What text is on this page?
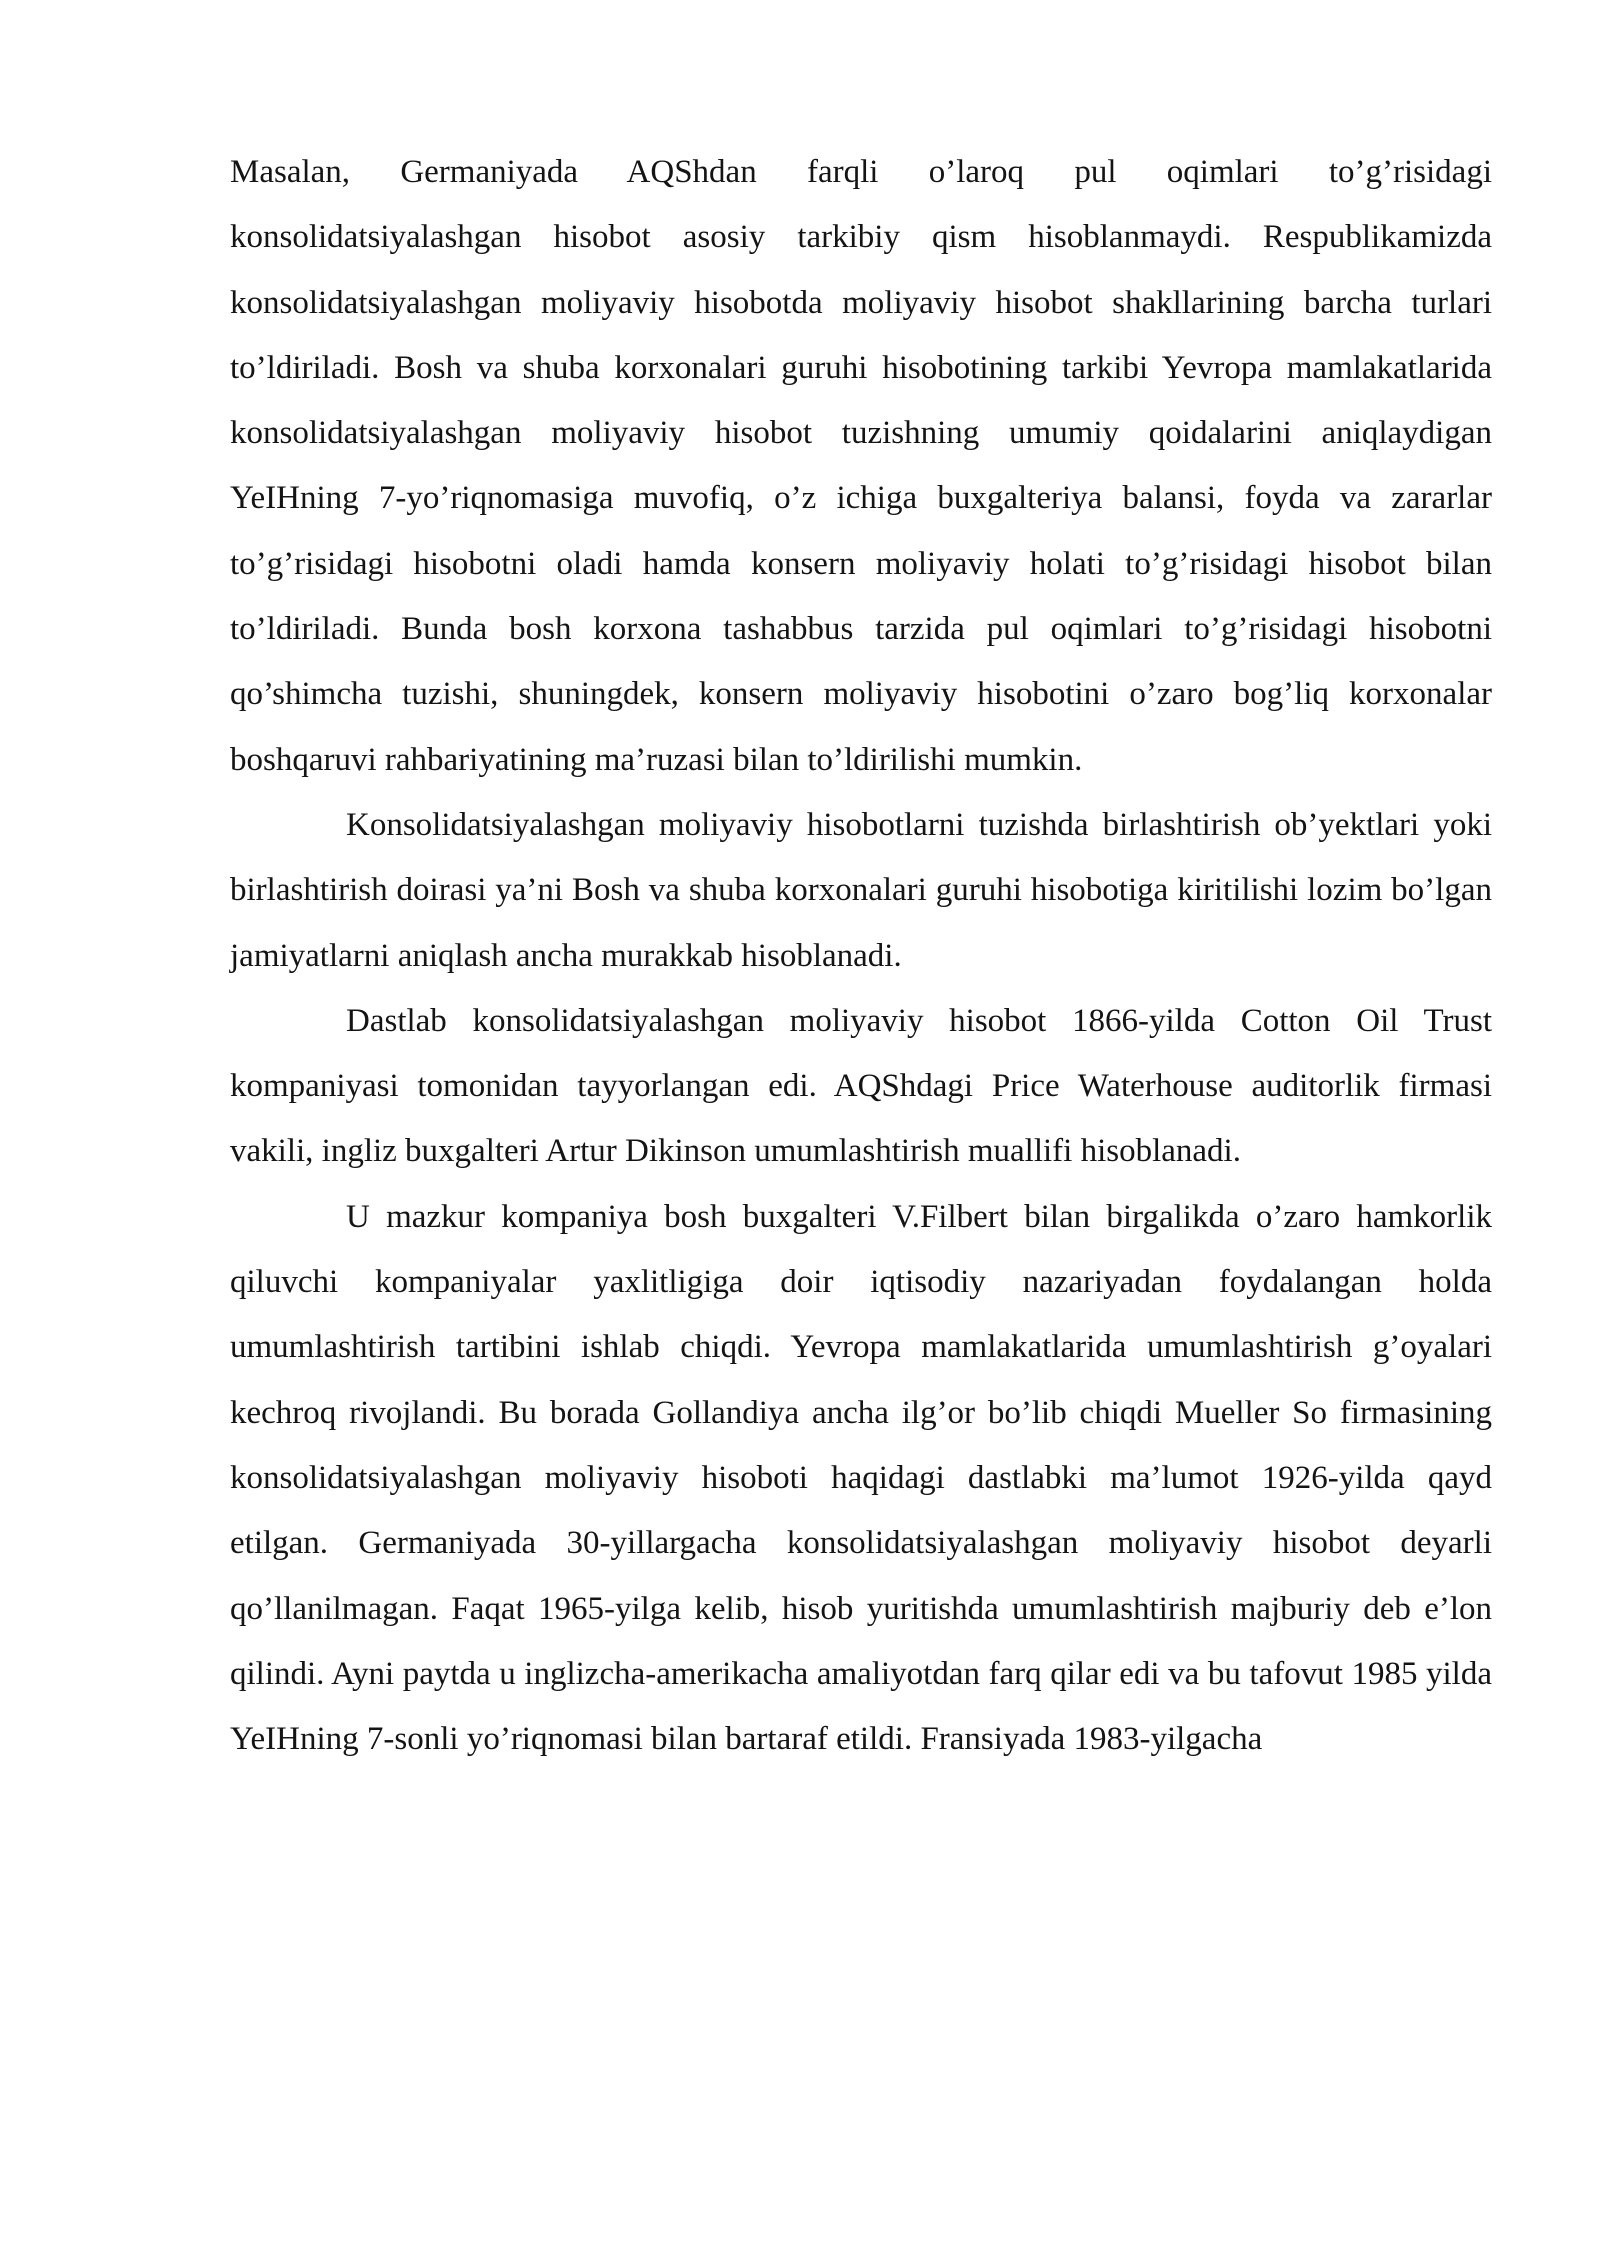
Masalan, Germaniyada AQShdan farqli o’laroq pul oqimlari to’g’risidagi konsolidatsiyalashgan hisobot asosiy tarkibiy qism hisoblanmaydi. Respublikamizda konsolidatsiyalashgan moliyaviy hisobotda moliyaviy hisobot shakllarining barcha turlari to’ldiriladi. Bosh va shuba korxonalari guruhi hisobotining tarkibi Yevropa mamlakatlarida konsolidatsiyalashgan moliyaviy hisobot tuzishning umumiy qoidalarini aniqlaydigan YeIHning 7-yo’riqnomasiga muvofiq, o’z ichiga buxgalteriya balansi, foyda va zararlar to’g’risidagi hisobotni oladi hamda konsern moliyaviy holati to’g’risidagi hisobot bilan to’ldiriladi. Bunda bosh korxona tashabbus tarzida pul oqimlari to’g’risidagi hisobotni qo’shimcha tuzishi, shuningdek, konsern moliyaviy hisobotini o’zaro bog’liq korxonalar boshqaruvi rahbariyatining ma’ruzasi bilan to’ldirilishi mumkin.

Konsolidatsiyalashgan moliyaviy hisobotlarni tuzishda birlashtirish ob’yektlari yoki birlashtirish doirasi ya’ni Bosh va shuba korxonalari guruhi hisobotiga kiritilishi lozim bo’lgan jamiyatlarni aniqlash ancha murakkab hisoblanadi.

Dastlab konsolidatsiyalashgan moliyaviy hisobot 1866-yilda Cotton Oil Trust kompaniyasi tomonidan tayyorlangan edi. AQShdagi Price Waterhouse auditorlik firmasi vakili, ingliz buxgalteri Artur Dikinson umumlashtirish muallifi hisoblanadi.

U mazkur kompaniya bosh buxgalteri V.Filbert bilan birgalikda o’zaro hamkorlik qiluvchi kompaniyalar yaxlitligiga doir iqtisodiy nazariyadan foydalangan holda umumlashtirish tartibini ishlab chiqdi. Yevropa mamlakatlarida umumlashtirish g’oyalari kechroq rivojlandi. Bu borada Gollandiya ancha ilg’or bo’lib chiqdi Mueller So firmasining konsolidatsiyalashgan moliyaviy hisoboti haqidagi dastlabki ma’lumot 1926-yilda qayd etilgan. Germaniyada 30-yillargacha konsolidatsiyalashgan moliyaviy hisobot deyarli qo’llanilmagan. Faqat 1965-yilga kelib, hisob yuritishda umumlashtirish majburiy deb e’lon qilindi. Ayni paytda u inglizcha-amerikacha amaliyotdan farq qilar edi va bu tafovut 1985 yilda YeIHning 7-sonli yo’riqnomasi bilan bartaraf etildi. Fransiyada 1983-yilgacha
